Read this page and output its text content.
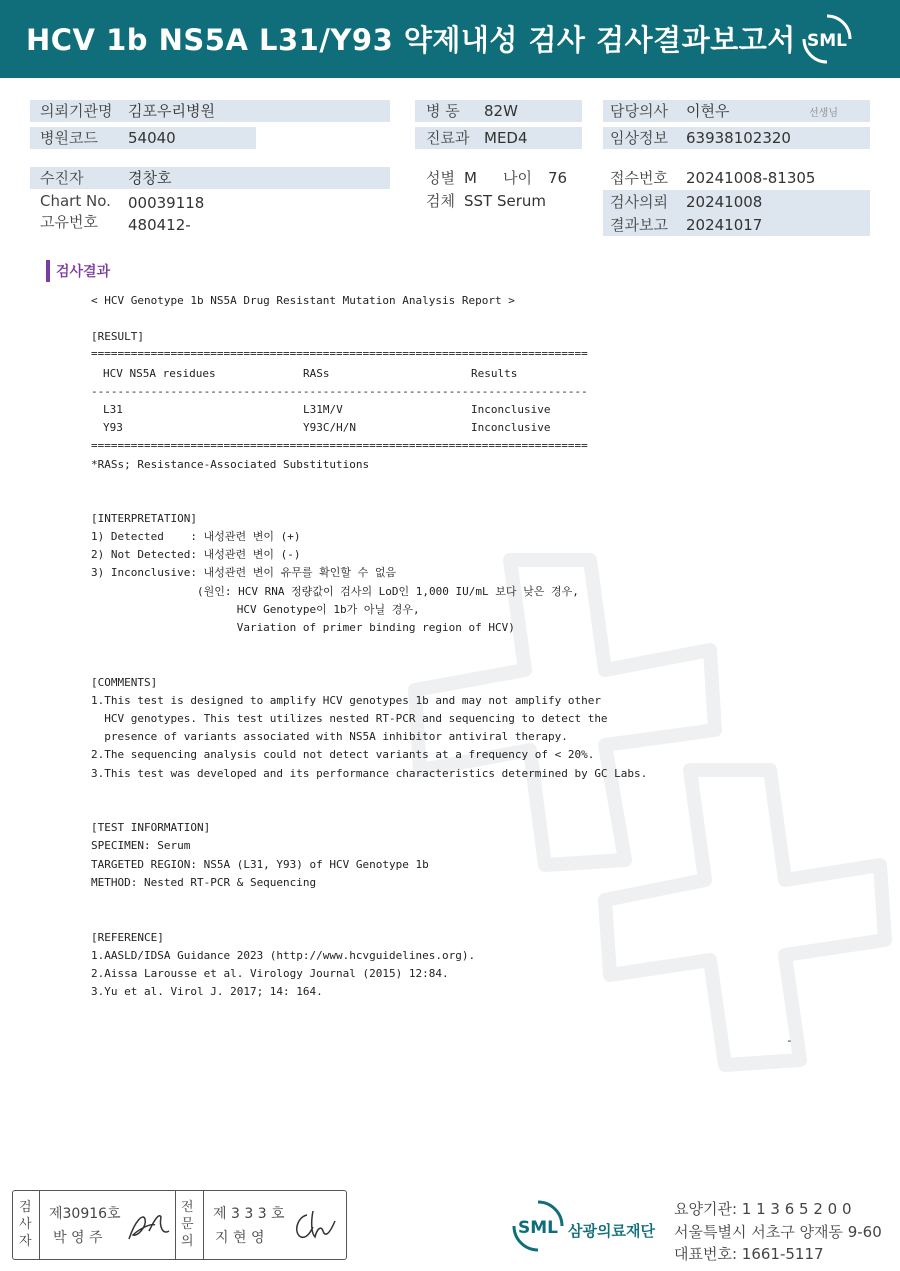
HCV 1b NS5A L31/Y93 약제내성 검사 검사결과보고서 SML
의뢰기관명 김포우리병원
병원코드 54040
병 동 82W
진료과 MED4
담당의사 이현우	선생님
임상정보 63938102320
수진자	경창호
Chart No. 00039118
고유번호 480412-
성별 M 나이 76
검체 SST Serum
접수번호 20241008-81305
검사의뢰 20241008
결과보고 20241017
검사결과
< HCV Genotype 1b NS5A Drug Resistant Mutation Analysis Report >
[RESULT]
===========================================================================
HCV NS5A residues	RASs	Results
---------------------------------------------------------------------------
L31	L31M/V	Inconclusive
Y93	Y93C/H/N	Inconclusive
===========================================================================
*RASs; Resistance-Associated Substitutions
[INTERPRETATION]
1) Detected    : 내성관련 변이 (+)
2) Not Detected: 내성관련 변이 (-)
3) Inconclusive: 내성관련 변이 유무를 확인할 수 없음
(원인: HCV RNA 정량값이 검사의 LoD인 1,000 IU/mL 보다 낮은 경우,
HCV Genotype이 1b가 아닐 경우,
Variation of primer binding region of HCV)
[COMMENTS]
1.This test is designed to amplify HCV genotypes 1b and may not amplify other
HCV genotypes. This test utilizes nested RT-PCR and sequencing to detect the
presence of variants associated with NS5A inhibitor antiviral therapy.
2.The sequencing analysis could not detect variants at a frequency of < 20%.
3.This test was developed and its performance characteristics determined by GC Labs.
[TEST INFORMATION]
SPECIMEN: Serum
TARGETED REGION: NS5A (L31, Y93) of HCV Genotype 1b
METHOD: Nested RT-PCR & Sequencing
[REFERENCE]
1.AASLD/IDSA Guidance 2023 (http://www.hcvguidelines.org).
2.Aissa Larousse et al. Virology Journal (2015) 12:84.
3.Yu et al. Virol J. 2017; 14: 164.
-
검
사
자
제30916호
박 영 주
전
문
의
제 3 3 3 호
지 현 영	SML 삼광의료재단
요양기관: 1 1 3 6 5 2 0 0
서울특별시 서초구 양재동 9-60
대표번호: 1661-5117
